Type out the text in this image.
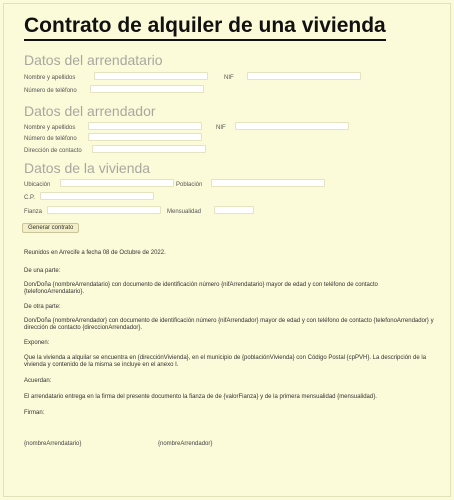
Contrato de alquiler de una vivienda
Datos del arrendatario
Nombre y apellidos	NIF
Número de teléfono
Datos del arrendador
Nombre y apellidos	NIF
Número de teléfono
Dirección de contacto
Datos de la vivienda
Ubicación	Población
C.P.
Fianza	Mensualidad
Generar contrato
Reunidos en Arrecife a fecha 08 de Octubre de 2022.
De una parte:
Don/Doña {nombreArrendatario} con documento de identificación número {nifArrendatario} mayor de edad y con teléfono de contacto {telefonoArrendatario}.
De otra parte:
Don/Doña {nombreArrendador} con documento de identificación número {nifArrendador} mayor de edad y con teléfono de contacto {telefonoArrendador} y dirección de contacto {direccionArrendador}.
Exponen:
Que la vivienda a alquilar se encuentra en {direcciónVivienda}, en el municipio de {poblaciónVivienda} con Código Postal {cpPVH}. La descripción de la vivienda y contenido de la misma se incluye en el anexo I.
Acuerdan:
El arrendatario entrega en la firma del presente documento la fianza de de {valorFianza} y de la primera mensualidad {mensualidad}.
Firman:
{nombreArrendatario}	{nombreArrendador}
